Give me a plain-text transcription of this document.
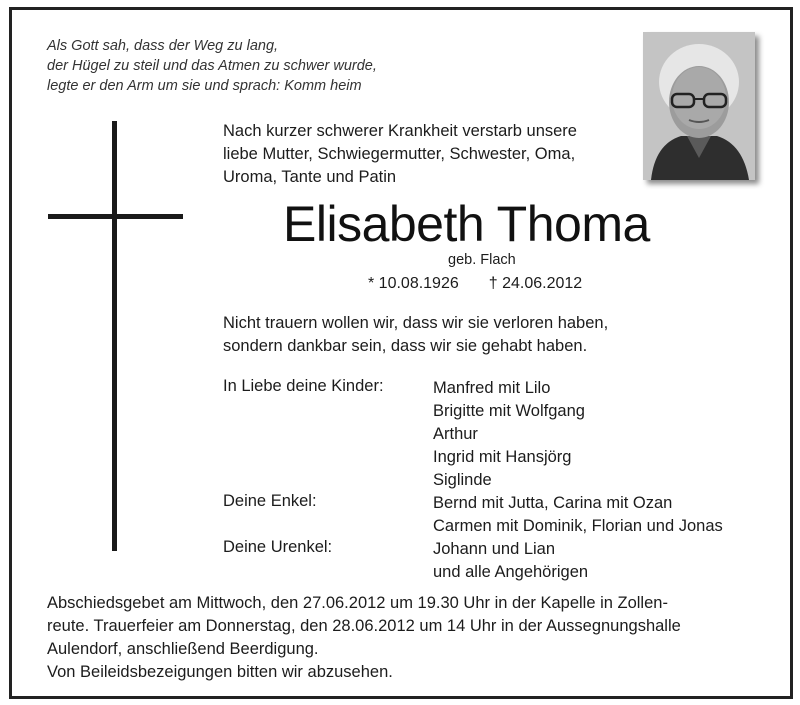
Als Gott sah, dass der Weg zu lang,
der Hügel zu steil und das Atmen zu schwer wurde,
legte er den Arm um sie und sprach: Komm heim
Nach kurzer schwerer Krankheit verstarb unsere
liebe Mutter, Schwiegermutter, Schwester, Oma,
Uroma, Tante und Patin
Elisabeth Thoma
geb. Flach
* 10.08.1926 † 24.06.2012
Nicht trauern wollen wir, dass wir sie verloren haben,
sondern dankbar sein, dass wir sie gehabt haben.
In Liebe deine Kinder:	Manfred mit Lilo
Brigitte mit Wolfgang
Arthur
Ingrid mit Hansjörg
Siglinde
Deine Enkel:	Bernd mit Jutta, Carina mit Ozan
Carmen mit Dominik, Florian und Jonas
Deine Urenkel:	Johann und Lian
und alle Angehörigen
Abschiedsgebet am Mittwoch, den 27.06.2012 um 19.30 Uhr in der Kapelle in Zollen-
reute. Trauerfeier am Donnerstag, den 28.06.2012 um 14 Uhr in der Aussegnungshalle
Aulendorf, anschließend Beerdigung.
Von Beileidsbezeigungen bitten wir abzusehen.
